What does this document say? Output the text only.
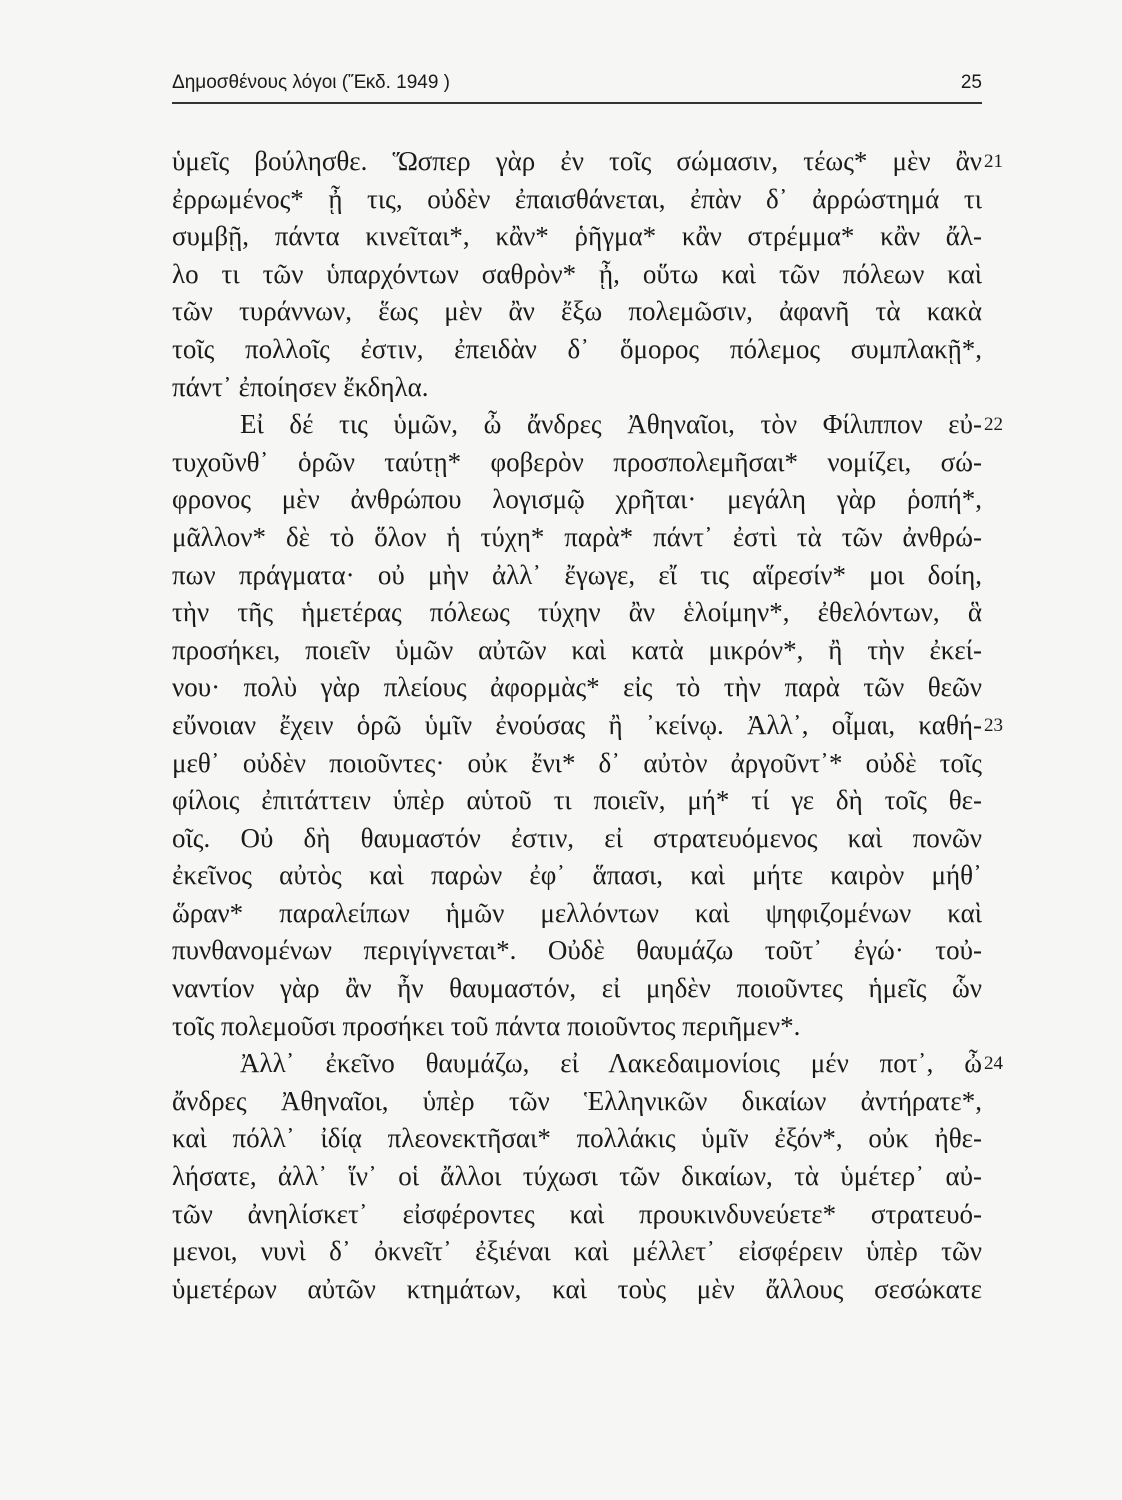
Δημοσθένους λόγοι (Ἔκδ. 1949 )	25
ὑμεῖς βούλησθε. Ὥσπερ γὰρ ἐν τοῖς σώμασιν, τέως* μὲν ἂν 21
ἐρρωμένος* ᾖ τις, οὐδὲν ἐπαισθάνεται, ἐπὰν δ᾽ ἀρρώστημά τι
συμβῇ, πάντα κινεῖται*, κἂν* ῥῆγμα* κἂν στρέμμα* κἂν ἄλ-
λο τι τῶν ὑπαρχόντων σαθρὸν* ᾖ, οὕτω καὶ τῶν πόλεων καὶ
τῶν τυράννων, ἕως μὲν ἂν ἔξω πολεμῶσιν, ἀφανῆ τὰ κακὰ
τοῖς πολλοῖς ἐστιν, ἐπειδὰν δ᾽ ὅμορος πόλεμος συμπλακῇ*,
πάντ᾽ ἐποίησεν ἔκδηλα.
Εἰ δέ τις ὑμῶν, ὦ ἄνδρες Ἀθηναῖοι, τὸν Φίλιππον εὐ- 22
τυχοῦνθ᾽ ὁρῶν ταύτῃ* φοβερὸν προσπολεμῆσαι* νομίζει, σώ-
φρονος μὲν ἀνθρώπου λογισμῷ χρῆται· μεγάλη γὰρ ῥοπή*,
μᾶλλον* δὲ τὸ ὅλον ἡ τύχη* παρὰ* πάντ᾽ ἐστὶ τὰ τῶν ἀνθρώ-
πων πράγματα· οὐ μὴν ἀλλ᾽ ἔγωγε, εἴ τις αἵρεσίν* μοι δοίη,
τὴν τῆς ἡμετέρας πόλεως τύχην ἂν ἑλοίμην*, ἐθελόντων, ἃ
προσήκει, ποιεῖν ὑμῶν αὐτῶν καὶ κατὰ μικρόν*, ἢ τὴν ἐκεί-
νου· πολὺ γὰρ πλείους ἀφορμὰς* εἰς τὸ τὴν παρὰ τῶν θεῶν
εὔνοιαν ἔχειν ὁρῶ ὑμῖν ἐνούσας ἢ ᾽κείνῳ. Ἀλλ᾽, οἶμαι, καθή- 23
μεθ᾽ οὐδὲν ποιοῦντες· οὐκ ἔνι* δ᾽ αὐτὸν ἀργοῦντ᾽* οὐδὲ τοῖς
φίλοις ἐπιτάττειν ὑπὲρ αὑτοῦ τι ποιεῖν, μή* τί γε δὴ τοῖς θε-
οῖς. Οὐ δὴ θαυμαστόν ἐστιν, εἰ στρατευόμενος καὶ πονῶν
ἐκεῖνος αὐτὸς καὶ παρὼν ἐφ᾽ ἅπασι, καὶ μήτε καιρὸν μήθ᾽
ὥραν* παραλείπων ἡμῶν μελλόντων καὶ ψηφιζομένων καὶ
πυνθανομένων περιγίγνεται*. Οὐδὲ θαυμάζω τοῦτ᾽ ἐγώ· τοὐ-
ναντίον γὰρ ἂν ἦν θαυμαστόν, εἰ μηδὲν ποιοῦντες ἡμεῖς ὧν
τοῖς πολεμοῦσι προσήκει τοῦ πάντα ποιοῦντος περιῆμεν*.
Ἀλλ᾽ ἐκεῖνο θαυμάζω, εἰ Λακεδαιμονίοις μέν ποτ᾽, ὦ 24
ἄνδρες Ἀθηναῖοι, ὑπὲρ τῶν Ἑλληνικῶν δικαίων ἀντήρατε*,
καὶ πόλλ᾽ ἰδίᾳ πλεονεκτῆσαι* πολλάκις ὑμῖν ἐξόν*, οὐκ ἠθε-
λήσατε, ἀλλ᾽ ἵν᾽ οἱ ἄλλοι τύχωσι τῶν δικαίων, τὰ ὑμέτερ᾽ αὐ-
τῶν ἀνηλίσκετ᾽ εἰσφέροντες καὶ προυκινδυνεύετε* στρατευό-
μενοι, νυνὶ δ᾽ ὀκνεῖτ᾽ ἐξιέναι καὶ μέλλετ᾽ εἰσφέρειν ὑπὲρ τῶν
ὑμετέρων αὐτῶν κτημάτων, καὶ τοὺς μὲν ἄλλους σεσώκατε
